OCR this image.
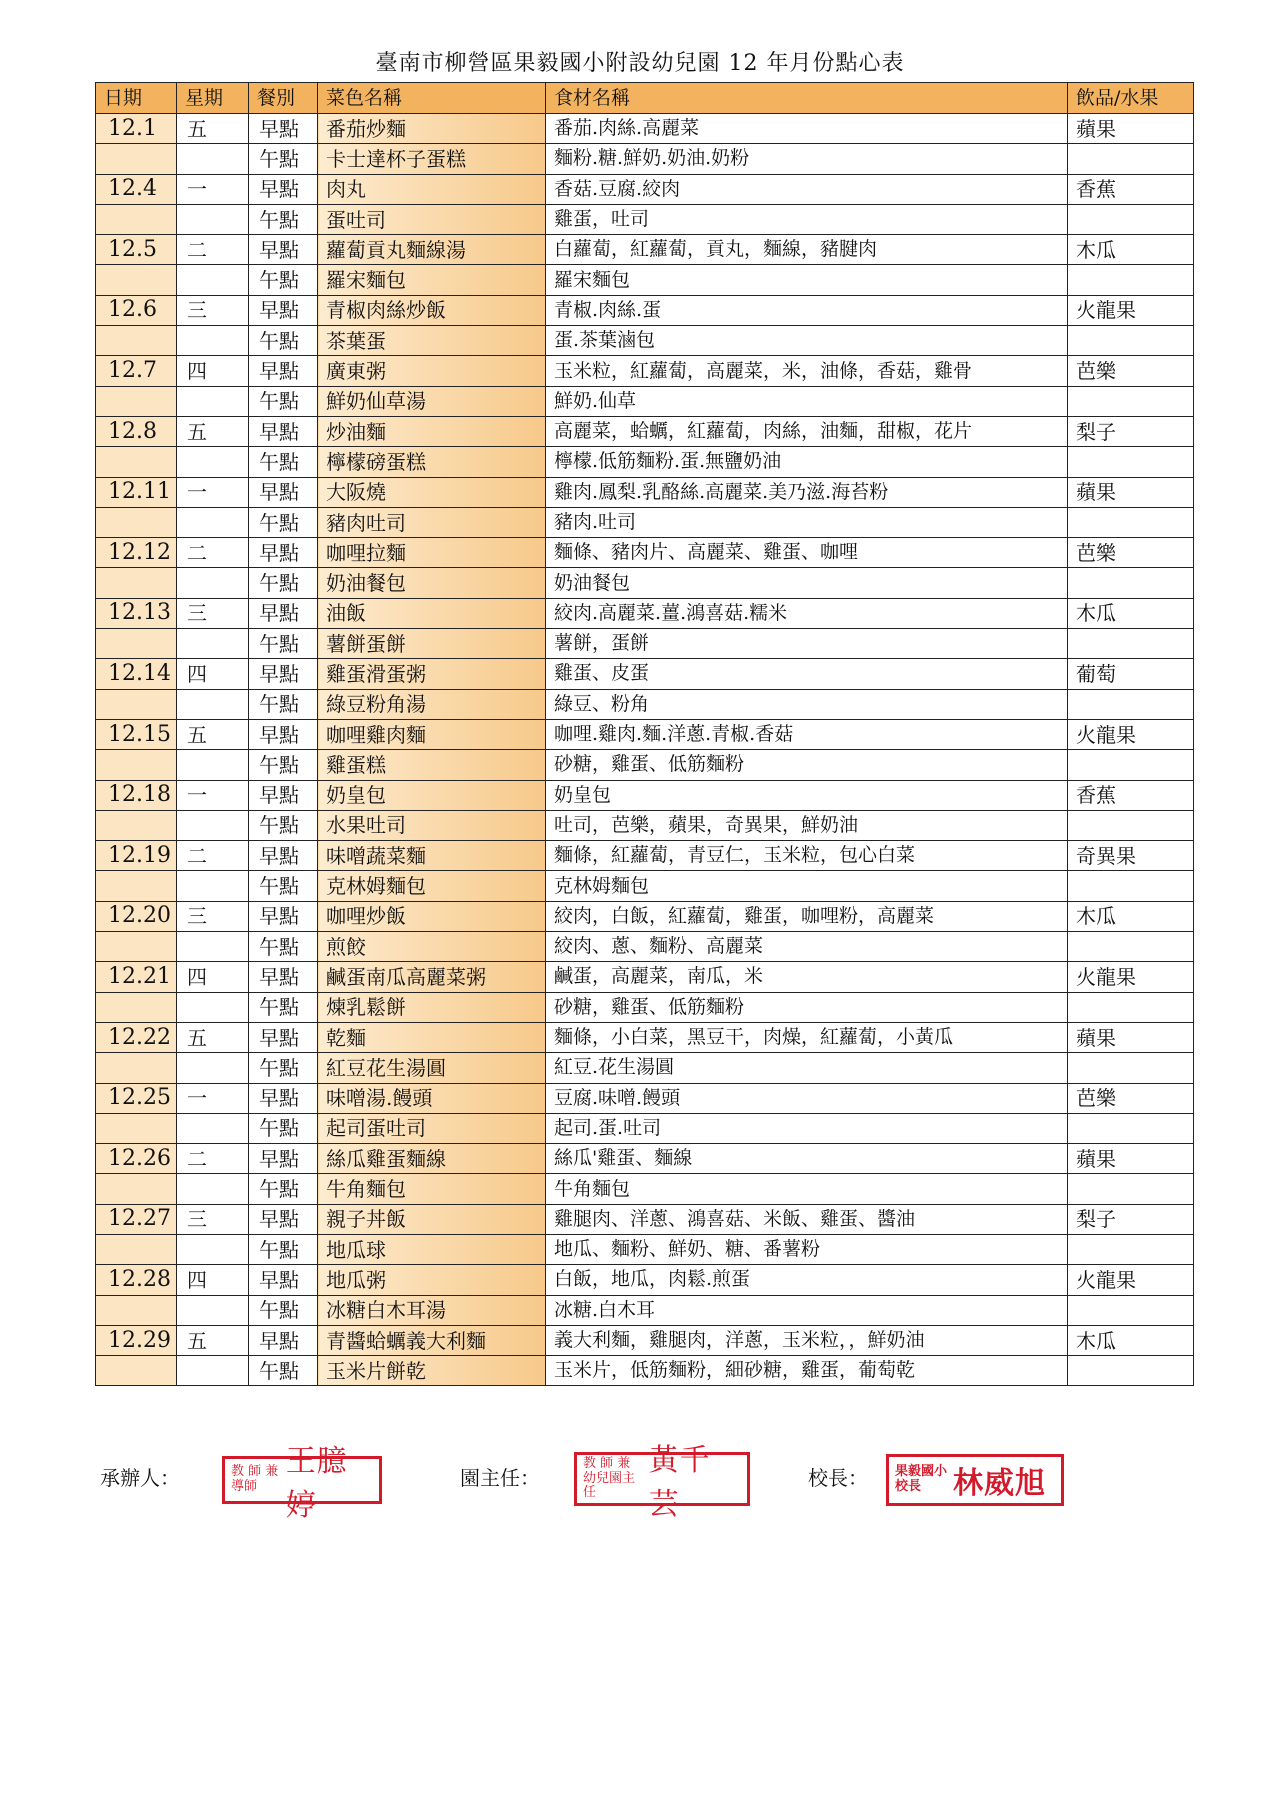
臺南市柳營區果毅國小附設幼兒園 12 年月份點心表
日期	星期	餐別	菜色名稱	食材名稱	飲品/水果
12.1	五	早點	番茄炒麵	番茄.肉絲.高麗菜	蘋果
		午點	卡士達杯子蛋糕	麵粉.糖.鮮奶.奶油.奶粉	
12.4	一	早點	肉丸	香菇.豆腐.絞肉	香蕉
		午點	蛋吐司	雞蛋，吐司	
12.5	二	早點	蘿蔔貢丸麵線湯	白蘿蔔，紅蘿蔔，貢丸，麵線，豬腱肉	木瓜
		午點	羅宋麵包	羅宋麵包	
12.6	三	早點	青椒肉絲炒飯	青椒.肉絲.蛋	火龍果
		午點	茶葉蛋	蛋.茶葉滷包	
12.7	四	早點	廣東粥	玉米粒，紅蘿蔔，高麗菜，米，油條，香菇，雞骨	芭樂
		午點	鮮奶仙草湯	鮮奶.仙草	
12.8	五	早點	炒油麵	高麗菜，蛤蠣，紅蘿蔔，肉絲，油麵，甜椒，花片	梨子
		午點	檸檬磅蛋糕	檸檬.低筋麵粉.蛋.無鹽奶油	
12.11	一	早點	大阪燒	雞肉.鳳梨.乳酪絲.高麗菜.美乃滋.海苔粉	蘋果
		午點	豬肉吐司	豬肉.吐司	
12.12	二	早點	咖哩拉麵	麵條、豬肉片、高麗菜、雞蛋、咖哩	芭樂
		午點	奶油餐包	奶油餐包	
12.13	三	早點	油飯	絞肉.高麗菜.薑.鴻喜菇.糯米	木瓜
		午點	薯餅蛋餅	薯餅，蛋餅	
12.14	四	早點	雞蛋滑蛋粥	雞蛋、皮蛋	葡萄
		午點	綠豆粉角湯	綠豆、粉角	
12.15	五	早點	咖哩雞肉麵	咖哩.雞肉.麵.洋蔥.青椒.香菇	火龍果
		午點	雞蛋糕	砂糖，雞蛋、低筋麵粉	
12.18	一	早點	奶皇包	奶皇包	香蕉
		午點	水果吐司	吐司，芭樂，蘋果，奇異果，鮮奶油	
12.19	二	早點	味噌蔬菜麵	麵條，紅蘿蔔，青豆仁，玉米粒，包心白菜	奇異果
		午點	克林姆麵包	克林姆麵包	
12.20	三	早點	咖哩炒飯	絞肉，白飯，紅蘿蔔，雞蛋，咖哩粉，高麗菜	木瓜
		午點	煎餃	絞肉、蔥、麵粉、高麗菜	
12.21	四	早點	鹹蛋南瓜高麗菜粥	鹹蛋，高麗菜，南瓜，米	火龍果
		午點	煉乳鬆餅	砂糖，雞蛋、低筋麵粉	
12.22	五	早點	乾麵	麵條，小白菜，黑豆干，肉燥，紅蘿蔔，小黃瓜	蘋果
		午點	紅豆花生湯圓	紅豆.花生湯圓	
12.25	一	早點	味噌湯.饅頭	豆腐.味噌.饅頭	芭樂
		午點	起司蛋吐司	起司.蛋.吐司	
12.26	二	早點	絲瓜雞蛋麵線	絲瓜'雞蛋、麵線	蘋果
		午點	牛角麵包	牛角麵包	
12.27	三	早點	親子丼飯	雞腿肉、洋蔥、鴻喜菇、米飯、雞蛋、醬油	梨子
		午點	地瓜球	地瓜、麵粉、鮮奶、糖、番薯粉	
12.28	四	早點	地瓜粥	白飯，地瓜，肉鬆.煎蛋	火龍果
		午點	冰糖白木耳湯	冰糖.白木耳	
12.29	五	早點	青醬蛤蠣義大利麵	義大利麵，雞腿肉，洋蔥，玉米粒，，鮮奶油	木瓜
		午點	玉米片餅乾	玉米片，低筋麵粉，細砂糖，雞蛋，葡萄乾	
承辦人：	教 師 兼導師
王臆婷
園主任：
教 師 兼 幼兒園主任
黃千芸
校長： 果毅國小 校長	林威旭
